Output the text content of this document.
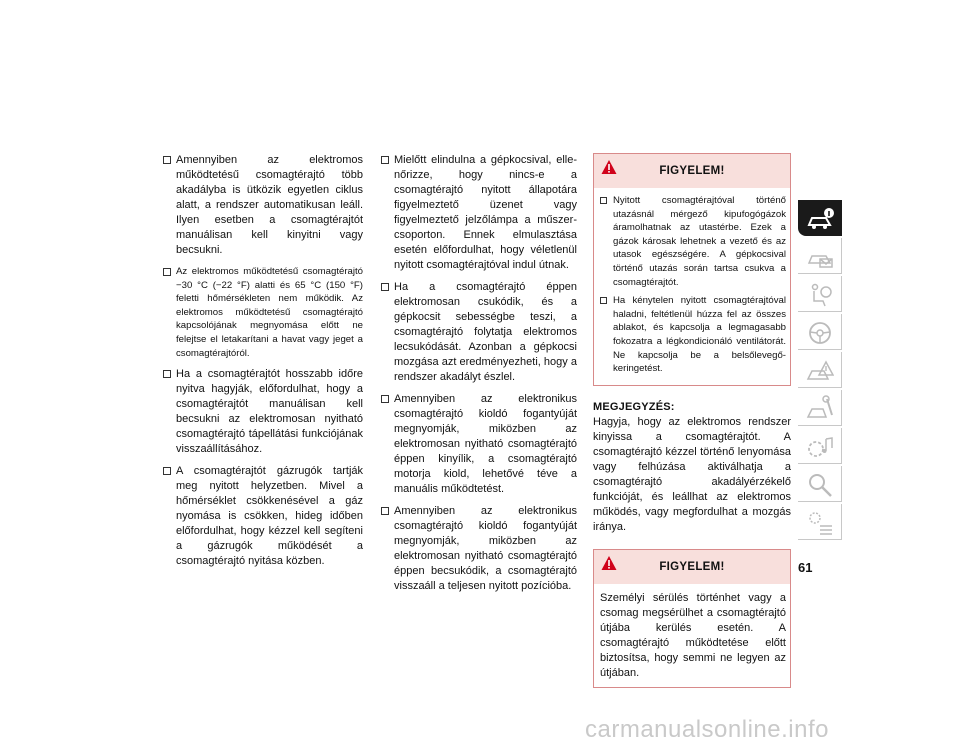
Amennyiben az elektromos működtetésű csomagtérajtó több akadályba is ütközik egyetlen ciklus alatt, a rendszer automatikusan leáll. Ilyen esetben a csomagtérajtót manuálisan kell kinyitni vagy becsukni.
Az elektromos működtetésű csomagtérajtó −30 °C (−22 °F) alatti és 65 °C (150 °F) feletti hőmérsékleten nem működik. Az elektromos működtetésű csomagtérajtó kapcsolójának megnyomása előtt ne felejtse el letakarítani a havat vagy jeget a csomagtérajtóról.
Ha a csomagtérajtót hosszabb időre nyitva hagyják, előfordulhat, hogy a csomagtérajtót manuálisan kell becsukni az elektromosan nyitható csomagtérajtó tápellátási funkciójának visszaállításához.
A csomagtérajtót gázrugók tartják meg nyitott helyzetben. Mivel a hőmérséklet csökkenésével a gáz nyomása is csökken, hideg időben előfordulhat, hogy kézzel kell segíteni a gázrugók működését a csomagtérajtó nyitása közben.
Mielőtt elindulna a gépkocsival, ellenőrizze, hogy nincs-e a csomagtérajtó nyitott állapotára figyelmeztető üzenet vagy figyelmeztető jelzőlámpa a műszercsoporton. Ennek elmulasztása esetén előfordulhat, hogy véletlenül nyitott csomagtérajtóval indul útnak.
Ha a csomagtérajtó éppen elektromosan csukódik, és a gépkocsit sebességbe teszi, a csomagtérajtó folytatja elektromos lecsukódását. Azonban a gépkocsi mozgása azt eredményezheti, hogy a rendszer akadályt észlel.
Amennyiben az elektronikus csomagtérajtó kioldó fogantyúját megnyomják, miközben az elektromosan nyitható csomagtérajtó éppen kinyílik, a csomagtérajtó motorja kiold, lehetővé téve a manuális működtetést.
Amennyiben az elektronikus csomagtérajtó kioldó fogantyúját megnyomják, miközben az elektromosan nyitható csomagtérajtó éppen becsukódik, a csomagtérajtó visszaáll a teljesen nyitott pozícióba.
FIGYELEM!
Nyitott csomagtérajtóval történő utazásnál mérgező kipufogógázok áramolhatnak az utastérbe. Ezek a gázok károsak lehetnek a vezető és az utasok egészségére. A gépkocsival történő utazás során tartsa csukva a csomagtérajtót.
Ha kénytelen nyitott csomagtérajtóval haladni, feltétlenül húzza fel az összes ablakot, és kapcsolja a legmagasabb fokozatra a légkondicionáló ventilátorát. Ne kapcsolja be a belsőlevegő-keringetést.
MEGJEGYZÉS:
Hagyja, hogy az elektromos rendszer kinyissa a csomagtérajtót. A csomagtérajtó kézzel történő lenyomása vagy felhúzása aktiválhatja a csomagtérajtó akadályérzékelő funkcióját, és leállhat az elektromos működés, vagy megfordulhat a mozgás iránya.
FIGYELEM!
Személyi sérülés történhet vagy a csomag megsérülhet a csomagtérajtó útjába kerülés esetén. A csomagtérajtó működtetése előtt biztosítsa, hogy semmi ne legyen az útjában.
61
carmanualsonline.info
